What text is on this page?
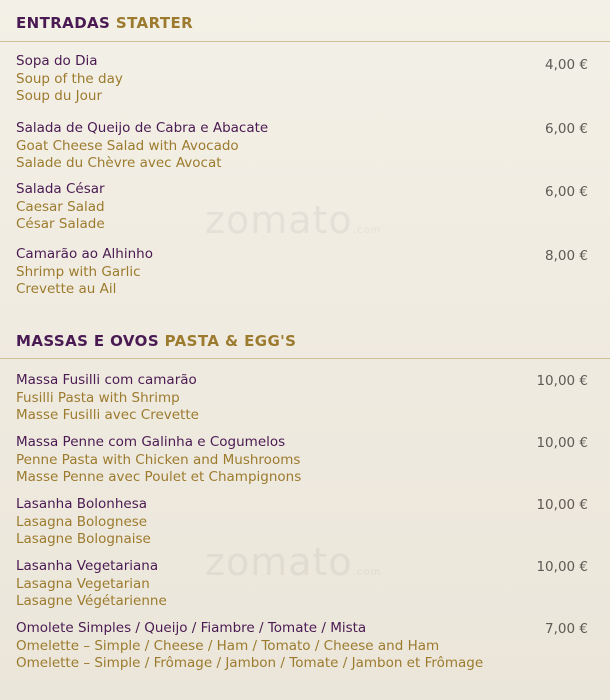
zomato.com
zomato.com
ENTRADAS STARTER
Sopa do Dia
Soup of the day
Soup du Jour
4,00 €
Salada de Queijo de Cabra e Abacate
Goat Cheese Salad with Avocado
Salade du Chèvre avec Avocat
6,00 €
Salada César
Caesar Salad
César Salade
6,00 €
Camarão ao Alhinho
Shrimp with Garlic
Crevette au Ail
8,00 €
MASSAS E OVOS PASTA & EGG'S
Massa Fusilli com camarão
Fusilli Pasta with Shrimp
Masse Fusilli avec Crevette
10,00 €
Massa Penne com Galinha e Cogumelos
Penne Pasta with Chicken and Mushrooms
Masse Penne avec Poulet et Champignons
10,00 €
Lasanha Bolonhesa
Lasagna Bolognese
Lasagne Bolognaise
10,00 €
Lasanha Vegetariana
Lasagna Vegetarian
Lasagne Végétarienne
10,00 €
Omolete Simples / Queijo / Fiambre / Tomate / Mista
Omelette – Simple / Cheese / Ham / Tomato / Cheese and Ham
Omelette – Simple / Frômage / Jambon / Tomate / Jambon et Frômage
7,00 €
